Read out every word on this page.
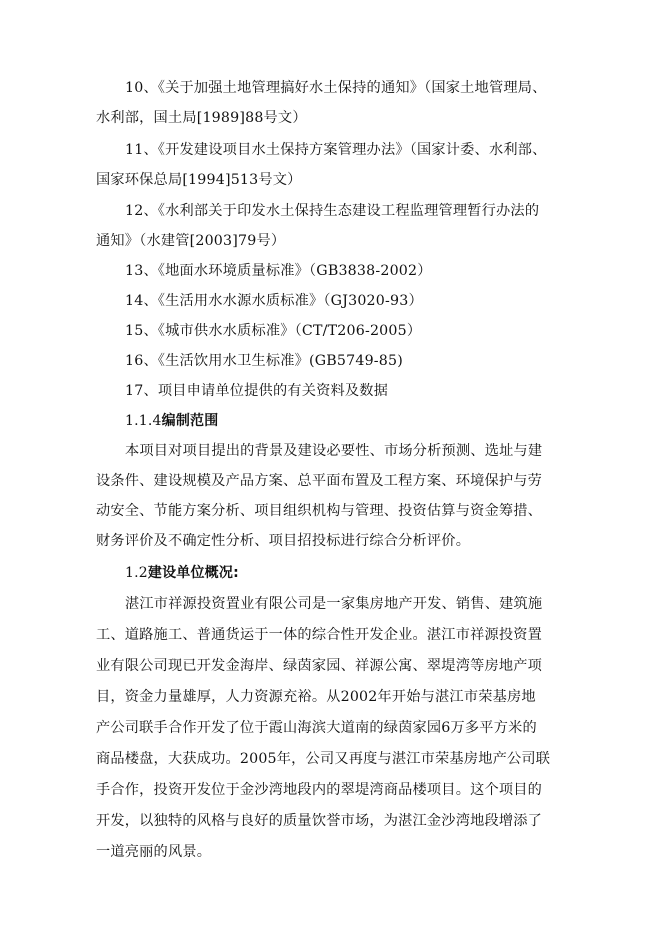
10、《关于加强土地管理搞好水土保持的通知》（国家土地管理局、
水利部，国土局[1989]88号文）
11、《开发建设项目水土保持方案管理办法》（国家计委、水利部、
国家环保总局[1994]513号文）
12、《水利部关于印发水土保持生态建设工程监理管理暂行办法的
通知》（水建管[2003]79号）
13、《地面水环境质量标准》（GB3838-2002）
14、《生活用水水源水质标准》（GJ3020-93）
15、《城市供水水质标准》（CT/T206-2005）
16、《生活饮用水卫生标准》(GB5749-85)
17、项目申请单位提供的有关资料及数据
1.1.4编制范围
本项目对项目提出的背景及建设必要性、市场分析预测、选址与建
设条件、建设规模及产品方案、总平面布置及工程方案、环境保护与劳
动安全、节能方案分析、项目组织机构与管理、投资估算与资金筹措、
财务评价及不确定性分析、项目招投标进行综合分析评价。
1.2建设单位概况:
湛江市祥源投资置业有限公司是一家集房地产开发、销售、建筑施
工、道路施工、普通货运于一体的综合性开发企业。湛江市祥源投资置
业有限公司现已开发金海岸、绿茵家园、祥源公寓、翠堤湾等房地产项
目，资金力量雄厚，人力资源充裕。从2002年开始与湛江市荣基房地
产公司联手合作开发了位于霞山海滨大道南的绿茵家园6万多平方米的
商品楼盘，大获成功。2005年，公司又再度与湛江市荣基房地产公司联
手合作，投资开发位于金沙湾地段内的翠堤湾商品楼项目。这个项目的
开发，以独特的风格与良好的质量饮誉市场，为湛江金沙湾地段增添了
一道亮丽的风景。
